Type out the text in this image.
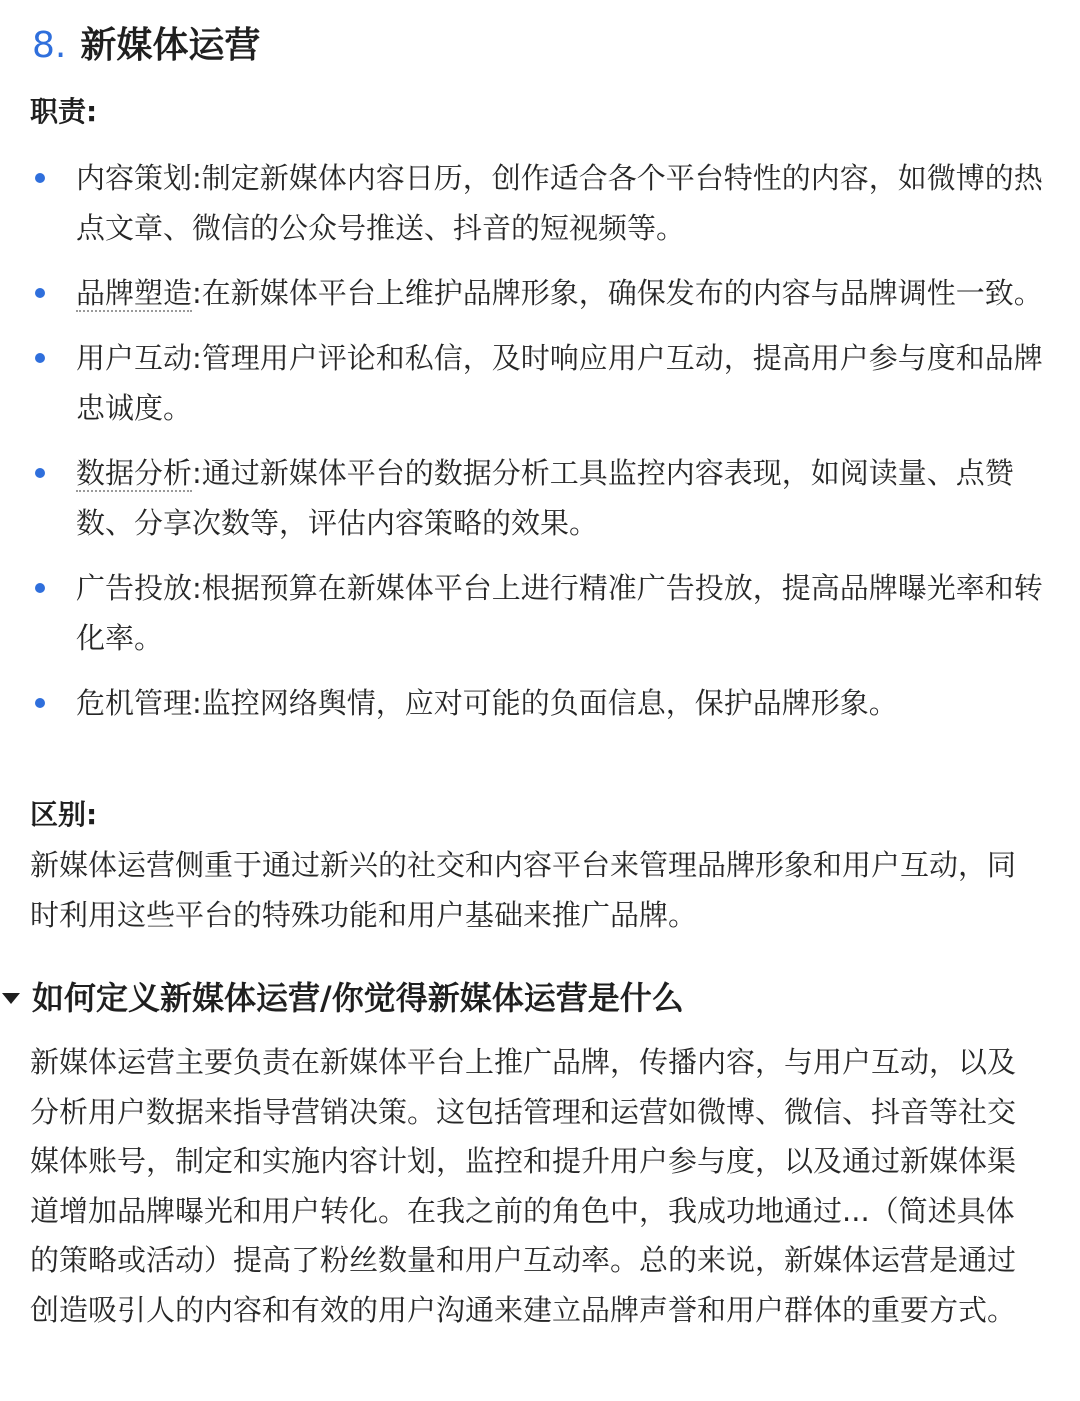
8. 新媒体运营

职责:

内容策划:制定新媒体内容日历，创作适合各个平台特性的内容，如微博的热点文章、微信的公众号推送、抖音的短视频等。
品牌塑造:在新媒体平台上维护品牌形象，确保发布的内容与品牌调性一致。
用户互动:管理用户评论和私信，及时响应用户互动，提高用户参与度和品牌忠诚度。
数据分析:通过新媒体平台的数据分析工具监控内容表现，如阅读量、点赞数、分享次数等，评估内容策略的效果。
广告投放:根据预算在新媒体平台上进行精准广告投放，提高品牌曝光率和转化率。
危机管理:监控网络舆情，应对可能的负面信息，保护品牌形象。

区别:

新媒体运营侧重于通过新兴的社交和内容平台来管理品牌形象和用户互动，同时利用这些平台的特殊功能和用户基础来推广品牌。

如何定义新媒体运营/你觉得新媒体运营是什么

新媒体运营主要负责在新媒体平台上推广品牌，传播内容，与用户互动，以及分析用户数据来指导营销决策。这包括管理和运营如微博、微信、抖音等社交媒体账号，制定和实施内容计划，监控和提升用户参与度，以及通过新媒体渠道增加品牌曝光和用户转化。在我之前的角色中，我成功地通过...（简述具体的策略或活动）提高了粉丝数量和用户互动率。总的来说，新媒体运营是通过创造吸引人的内容和有效的用户沟通来建立品牌声誉和用户群体的重要方式。
